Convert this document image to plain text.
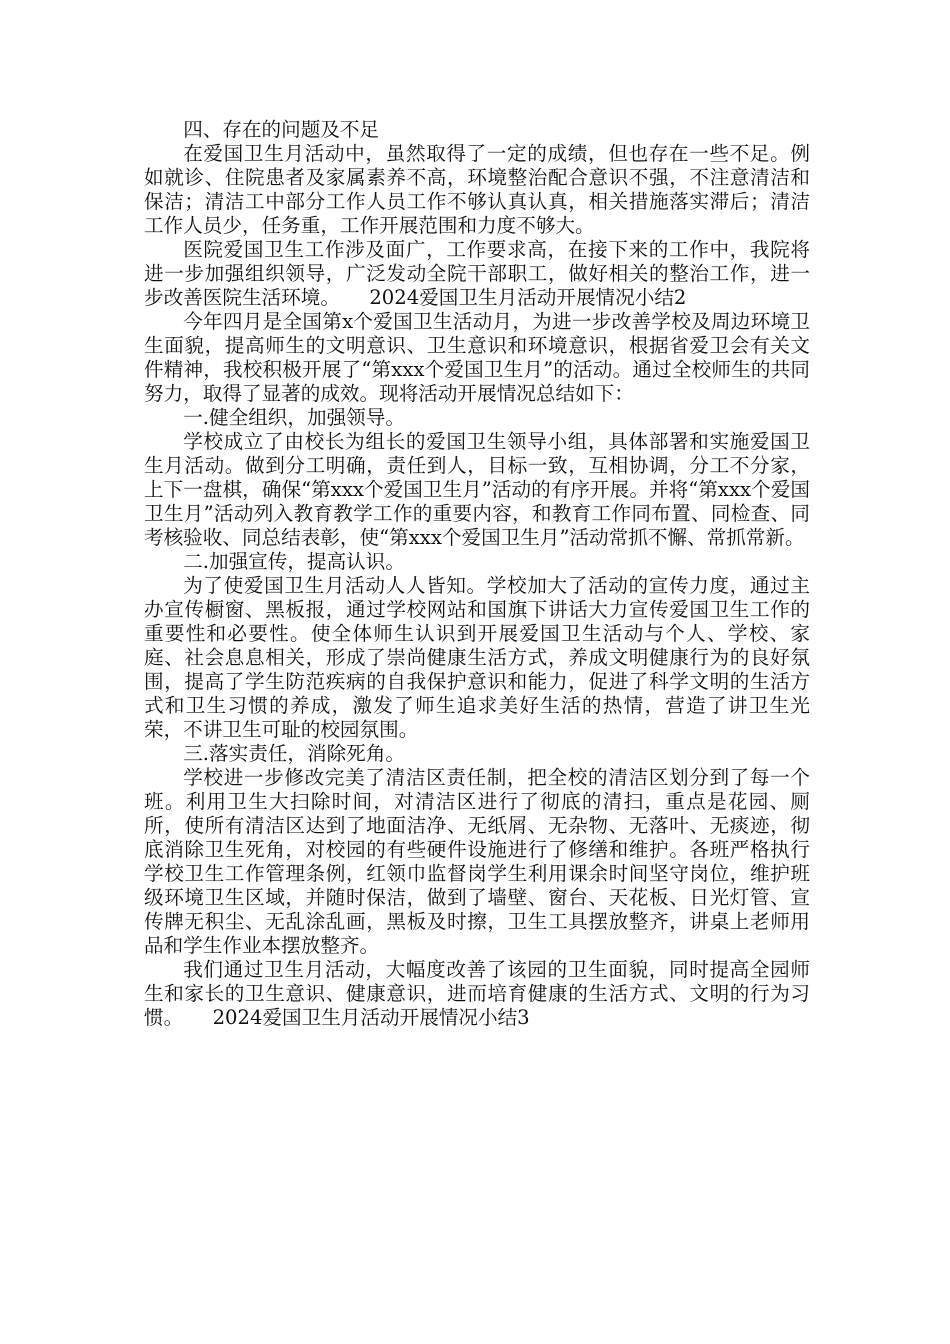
四、存在的问题及不足

在爱国卫生月活动中，虽然取得了一定的成绩，但也存在一些不足。例如就诊、住院患者及家属素养不高，环境整治配合意识不强，不注意清洁和保洁；清洁工中部分工作人员工作不够认真认真，相关措施落实滞后；清洁工作人员少，任务重，工作开展范围和力度不够大。

医院爱国卫生工作涉及面广，工作要求高，在接下来的工作中，我院将进一步加强组织领导，广泛发动全院干部职工，做好相关的整治工作，进一步改善医院生活环境。　　2024爱国卫生月活动开展情况小结2

今年四月是全国第x个爱国卫生活动月，为进一步改善学校及周边环境卫生面貌，提高师生的文明意识、卫生意识和环境意识，根据省爱卫会有关文件精神，我校积极开展了“第xxx个爱国卫生月”的活动。通过全校师生的共同努力，取得了显著的成效。现将活动开展情况总结如下：

一.健全组织，加强领导。

学校成立了由校长为组长的爱国卫生领导小组，具体部署和实施爱国卫生月活动。做到分工明确，责任到人，目标一致，互相协调，分工不分家，上下一盘棋，确保“第xxx个爱国卫生月”活动的有序开展。并将“第xxx个爱国卫生月”活动列入教育教学工作的重要内容，和教育工作同布置、同检查、同考核验收、同总结表彰，使“第xxx个爱国卫生月”活动常抓不懈、常抓常新。

二.加强宣传，提高认识。

为了使爱国卫生月活动人人皆知。学校加大了活动的宣传力度，通过主办宣传橱窗、黑板报，通过学校网站和国旗下讲话大力宣传爱国卫生工作的重要性和必要性。使全体师生认识到开展爱国卫生活动与个人、学校、家庭、社会息息相关，形成了崇尚健康生活方式，养成文明健康行为的良好氛围，提高了学生防范疾病的自我保护意识和能力，促进了科学文明的生活方式和卫生习惯的养成，激发了师生追求美好生活的热情，营造了讲卫生光荣，不讲卫生可耻的校园氛围。

三.落实责任，消除死角。

学校进一步修改完美了清洁区责任制，把全校的清洁区划分到了每一个班。利用卫生大扫除时间，对清洁区进行了彻底的清扫，重点是花园、厕所，使所有清洁区达到了地面洁净、无纸屑、无杂物、无落叶、无痰迹，彻底消除卫生死角，对校园的有些硬件设施进行了修缮和维护。各班严格执行学校卫生工作管理条例，红领巾监督岗学生利用课余时间坚守岗位，维护班级环境卫生区域，并随时保洁，做到了墙壁、窗台、天花板、日光灯管、宣传牌无积尘、无乱涂乱画，黑板及时擦，卫生工具摆放整齐，讲桌上老师用品和学生作业本摆放整齐。

我们通过卫生月活动，大幅度改善了该园的卫生面貌，同时提高全园师生和家长的卫生意识、健康意识，进而培育健康的生活方式、文明的行为习惯。　　2024爱国卫生月活动开展情况小结3
